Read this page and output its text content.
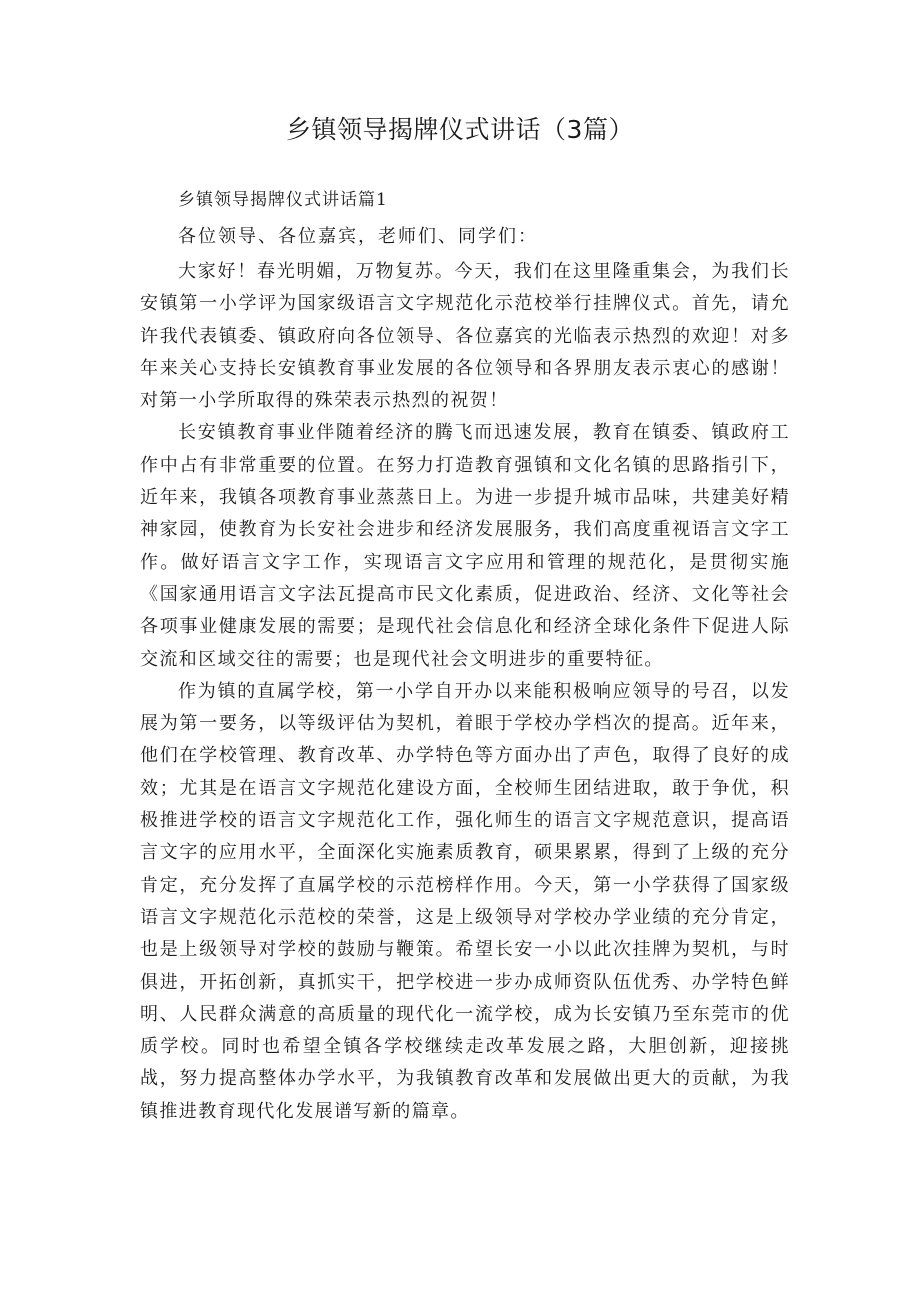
乡镇领导揭牌仪式讲话（3篇）
乡镇领导揭牌仪式讲话篇1
各位领导、各位嘉宾，老师们、同学们：

大家好！春光明媚，万物复苏。今天，我们在这里隆重集会，为我们长安镇第一小学评为国家级语言文字规范化示范校举行挂牌仪式。首先，请允许我代表镇委、镇政府向各位领导、各位嘉宾的光临表示热烈的欢迎！对多年来关心支持长安镇教育事业发展的各位领导和各界朋友表示衷心的感谢！对第一小学所取得的殊荣表示热烈的祝贺！

长安镇教育事业伴随着经济的腾飞而迅速发展，教育在镇委、镇政府工作中占有非常重要的位置。在努力打造教育强镇和文化名镇的思路指引下，近年来，我镇各项教育事业蒸蒸日上。为进一步提升城市品味，共建美好精神家园，使教育为长安社会进步和经济发展服务，我们高度重视语言文字工作。做好语言文字工作，实现语言文字应用和管理的规范化，是贯彻实施《国家通用语言文字法瓦提高市民文化素质，促进政治、经济、文化等社会各项事业健康发展的需要；是现代社会信息化和经济全球化条件下促进人际交流和区域交往的需要；也是现代社会文明进步的重要特征。

作为镇的直属学校，第一小学自开办以来能积极响应领导的号召，以发展为第一要务，以等级评估为契机，着眼于学校办学档次的提高。近年来，他们在学校管理、教育改革、办学特色等方面办出了声色，取得了良好的成效；尤其是在语言文字规范化建设方面，全校师生团结进取，敢于争优，积极推进学校的语言文字规范化工作，强化师生的语言文字规范意识，提高语言文字的应用水平，全面深化实施素质教育，硕果累累，得到了上级的充分肯定，充分发挥了直属学校的示范榜样作用。今天，第一小学获得了国家级语言文字规范化示范校的荣誉，这是上级领导对学校办学业绩的充分肯定，也是上级领导对学校的鼓励与鞭策。希望长安一小以此次挂牌为契机，与时俱进，开拓创新，真抓实干，把学校进一步办成师资队伍优秀、办学特色鲜明、人民群众满意的高质量的现代化一流学校，成为长安镇乃至东莞市的优质学校。同时也希望全镇各学校继续走改革发展之路，大胆创新，迎接挑战，努力提高整体办学水平，为我镇教育改革和发展做出更大的贡献，为我镇推进教育现代化发展谱写新的篇章。
